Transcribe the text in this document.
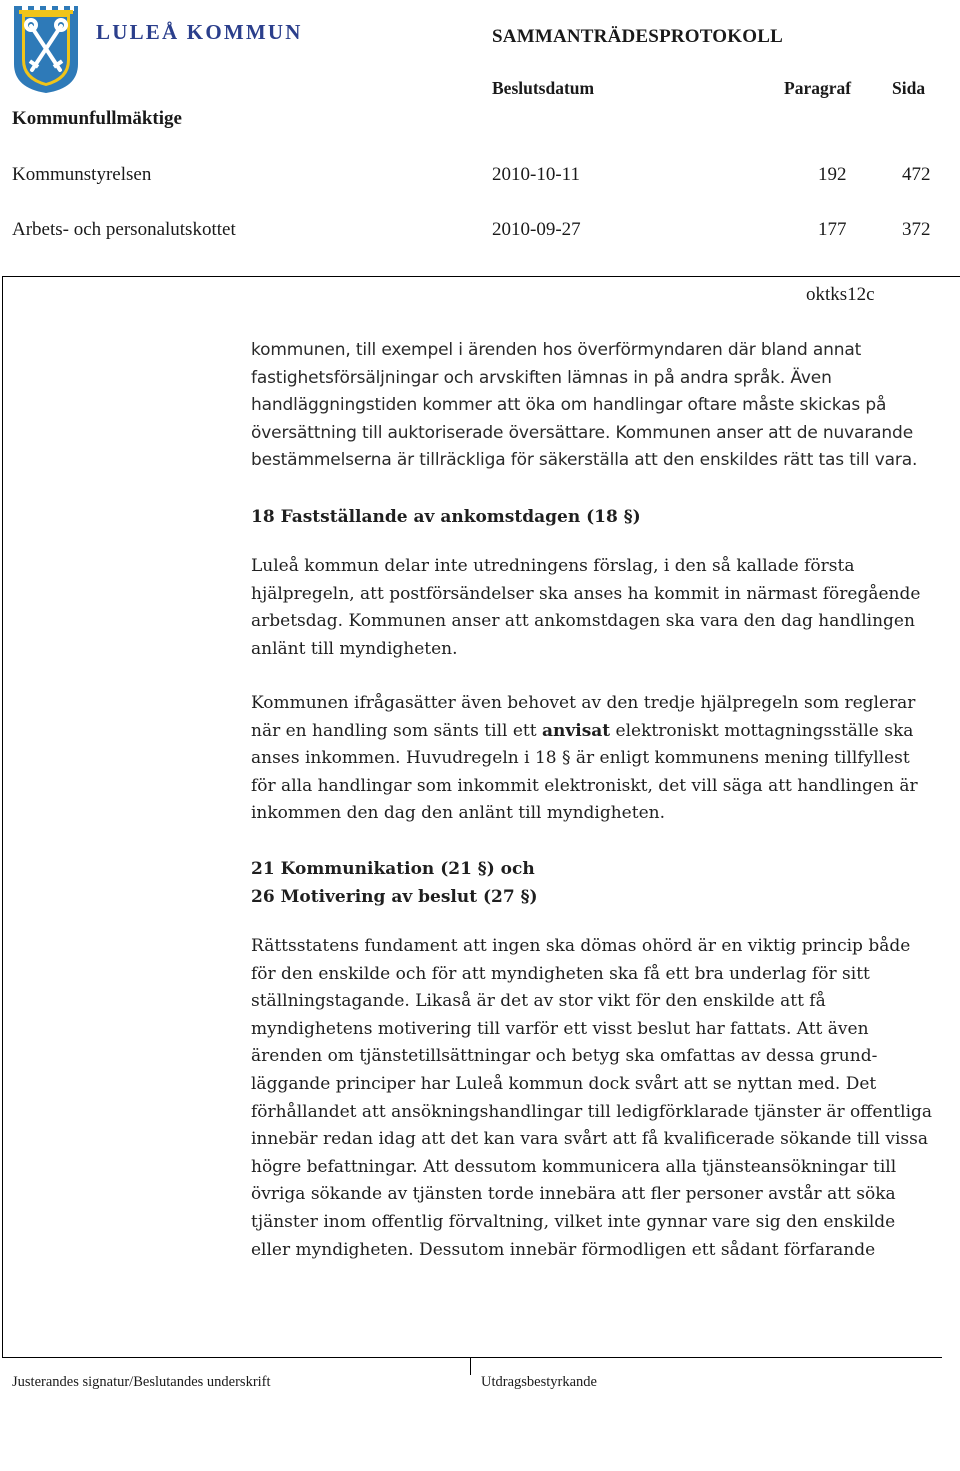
LULEÅ KOMMUN	SAMMANTRÄDESPROTOKOLL
Beslutsdatum	Paragraf Sida
Kommunfullmäktige
Kommunstyrelsen	2010-10-11	192	472
Arbets- och personalutskottet	2010-09-27	177	372
oktks12c

kommunen, till exempel i ärenden hos överförmyndaren där bland annat

fastighetsförsäljningar och arvskiften lämnas in på andra språk. Även

handläggningstiden kommer att öka om handlingar oftare måste skickas på

översättning till auktoriserade översättare. Kommunen anser att de nuvarande

bestämmelserna är tillräckliga för säkerställa att den enskildes rätt tas till vara.

18 Fastställande av ankomstdagen (18 §)

Luleå kommun delar inte utredningens förslag, i den så kallade första

hjälpregeln, att postförsändelser ska anses ha kommit in närmast föregående

arbetsdag. Kommunen anser att ankomstdagen ska vara den dag handlingen

anlänt till myndigheten.

Kommunen ifrågasätter även behovet av den tredje hjälpregeln som reglerar

när en handling som sänts till ett anvisat elektroniskt mottagningsställe ska

anses inkommen. Huvudregeln i 18 § är enligt kommunens mening tillfyllest

för alla handlingar som inkommit elektroniskt, det vill säga att handlingen är

inkommen den dag den anlänt till myndigheten.

21 Kommunikation (21 §) och

26 Motivering av beslut (27 §)

Rättsstatens fundament att ingen ska dömas ohörd är en viktig princip både

för den enskilde och för att myndigheten ska få ett bra underlag för sitt

ställningstagande. Likaså är det av stor vikt för den enskilde att få

myndighetens motivering till varför ett visst beslut har fattats. Att även

ärenden om tjänstetillsättningar och betyg ska omfattas av dessa grund-

läggande principer har Luleå kommun dock svårt att se nyttan med. Det

förhållandet att ansökningshandlingar till ledigförklarade tjänster är offentliga

innebär redan idag att det kan vara svårt att få kvalificerade sökande till vissa

högre befattningar. Att dessutom kommunicera alla tjänsteansökningar till

övriga sökande av tjänsten torde innebära att fler personer avstår att söka

tjänster inom offentlig förvaltning, vilket inte gynnar vare sig den enskilde

eller myndigheten. Dessutom innebär förmodligen ett sådant förfarande

Justerandes signatur/Beslutandes underskrift	Utdragsbestyrkande
